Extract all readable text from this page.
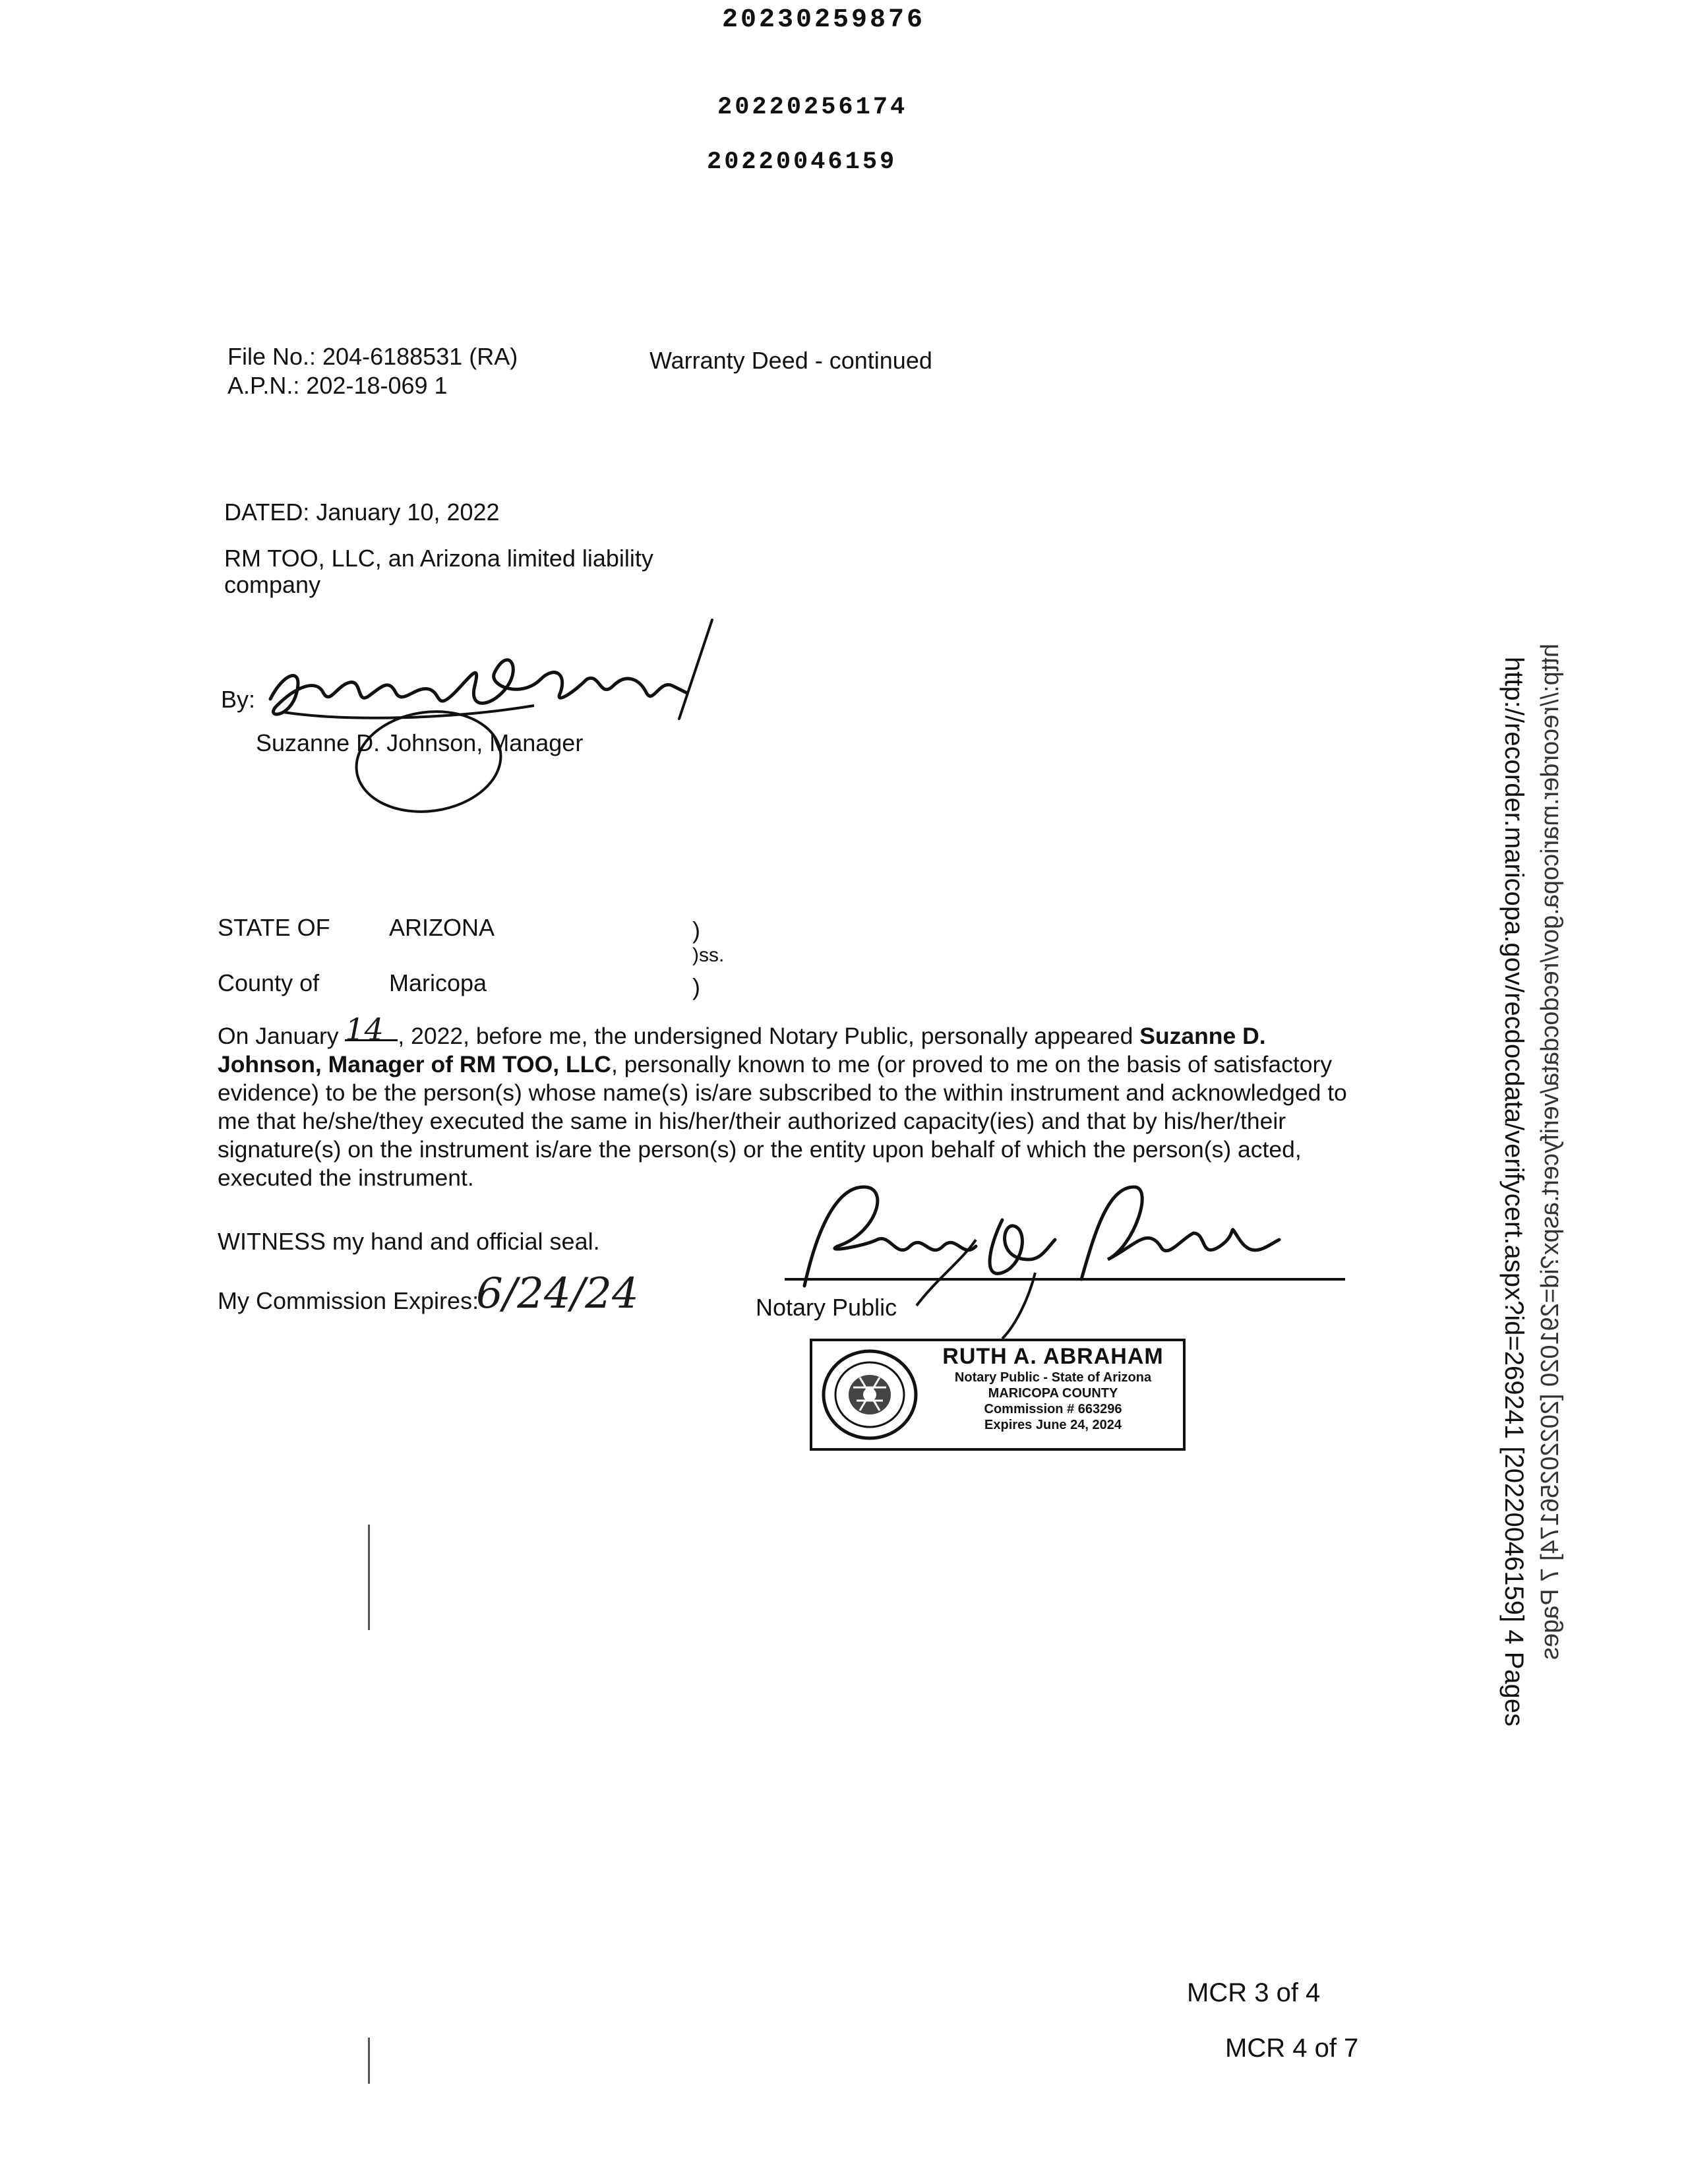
20230259876
20220256174
20220046159
File No.: 204-6188531 (RA)
A.P.N.: 202-18-069 1
Warranty Deed - continued
DATED: January 10, 2022
RM TOO, LLC, an Arizona limited liability
company
By:
Suzanne D. Johnson, Manager
STATE OF ARIZONA	)
)ss.
County of	Maricopa	)
On January 14 , 2022, before me, the undersigned Notary Public, personally appeared Suzanne D. Johnson, Manager of RM TOO, LLC, personally known to me (or proved to me on the basis of satisfactory evidence) to be the person(s) whose name(s) is/are subscribed to the within instrument and acknowledged to me that he/she/they executed the same in his/her/their authorized capacity(ies) and that by his/her/their signature(s) on the instrument is/are the person(s) or the entity upon behalf of which the person(s) acted, executed the instrument.
WITNESS my hand and official seal.
My Commission Expires:
6/24/24	Notary Public
RUTH A. ABRAHAM
Notary Public - State of Arizona
MARICOPA COUNTY
Commission # 663296
Expires June 24, 2024	http://recorder.maricopa.gov/recdocdata/verifycert.aspx?id=291020 [20220256174] 7 Pages
http://recorder.maricopa.gov/recdocdata/verifycert.aspx?id=269241 [20220046159] 4 Pages
MCR 3 of 4
MCR 4 of 7
